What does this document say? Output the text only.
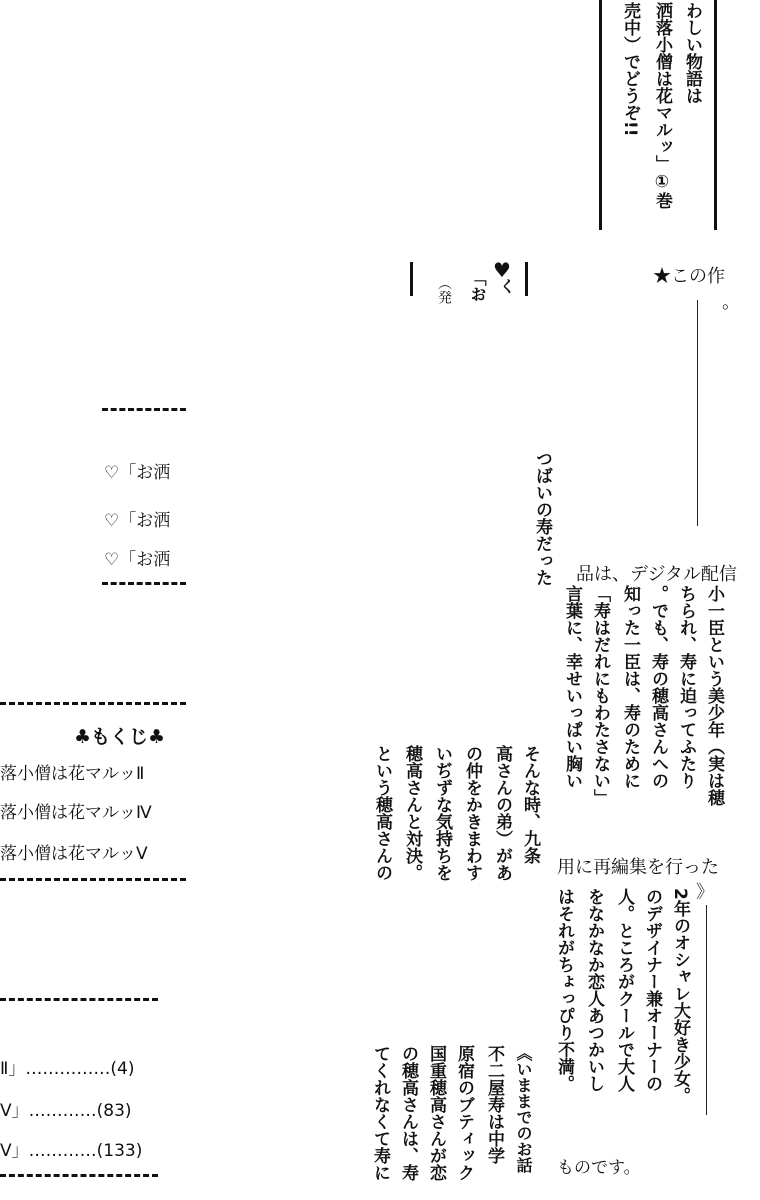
わしい物語は
洒落小僧は花マルッ」①巻
売中）でどうぞ!!
♥
く
「お
（発	★この作
。
品は、デジタル配信
用に再編集を行った
ものです。
♡「お洒
♡「お洒
♡「お洒
♣もくじ♣
落小僧は花マルッⅡ
落小僧は花マルッⅣ
落小僧は花マルッⅤ
Ⅱ」……………(4)
Ⅴ」…………(83)
Ⅴ」…………(133)
つばいの寿だった
小一臣という美少年（実は穂
ちられ、寿に迫ってふたり
。でも、寿の穂高さんへの
知った一臣は、寿のために
「寿はだれにもわたさない」
言葉に、幸せいっぱい胸い
そんな時、九条
高さんの弟）があ
の仲をかきまわす
いぢずな気持ちを
穂高さんと対決。
という穂高さんの
》
2年のオシャレ大好き少女。
のデザイナー兼オーナーの
人。ところがクールで大人
をなかなか恋人あつかいし
はそれがちょっぴり不満。
《いままでのお話
不二屋寿は中学
原宿のブティック
国重穂高さんが恋
の穂高さんは、寿
てくれなくて寿に
